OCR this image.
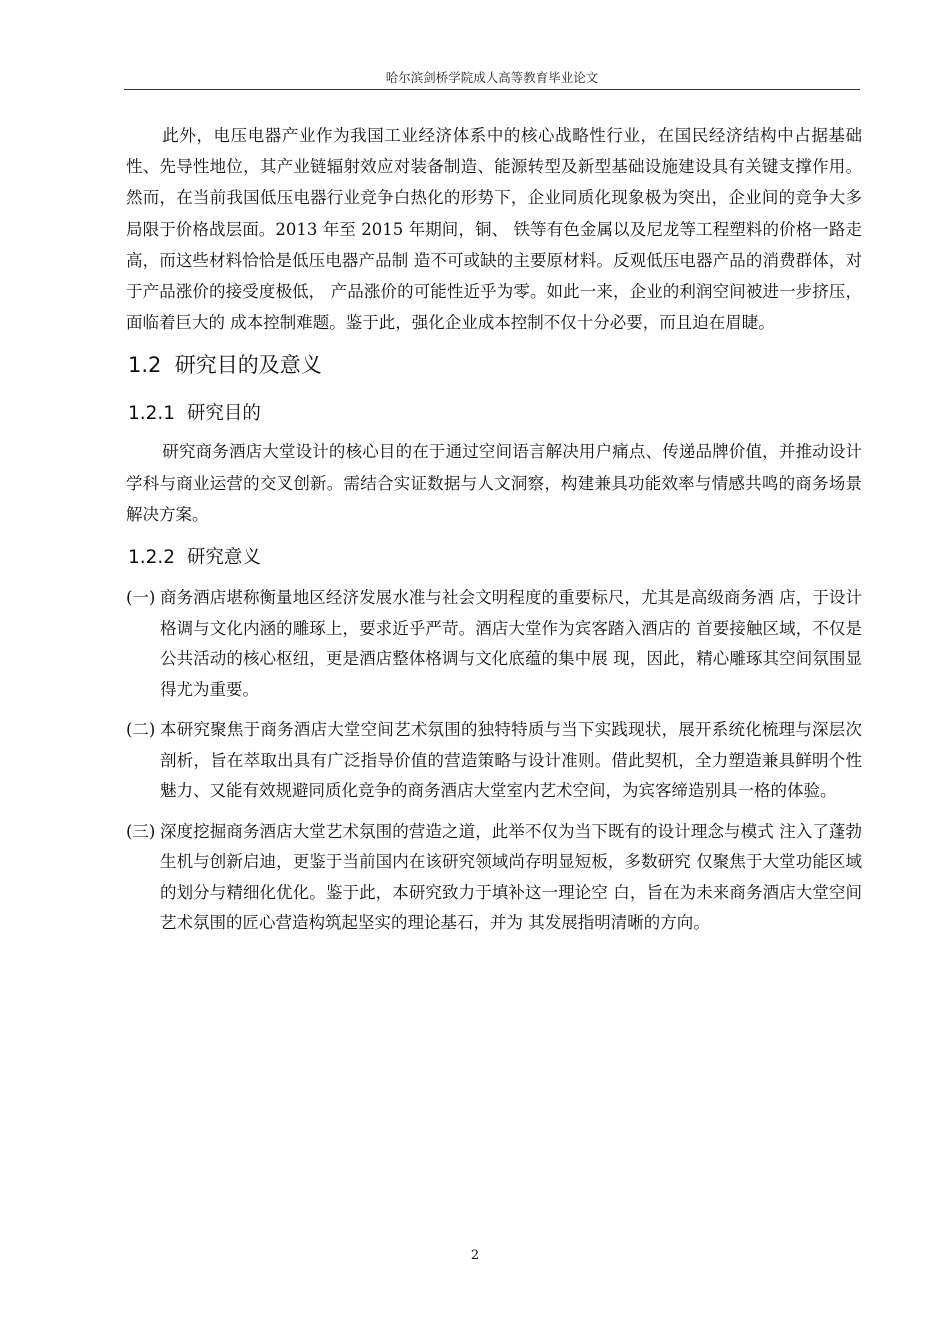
哈尔滨剑桥学院成人高等教育毕业论文

此外，电压电器产业作为我国工业经济体系中的核心战略性行业，在国民经济结构中占据基础性、先导性地位，其产业链辐射效应对装备制造、能源转型及新型基础设施建设具有关键支撑作用。然而，在当前我国低压电器行业竞争白热化的形势下，企业同质化现象极为突出，企业间的竞争大多局限于价格战层面。2013 年至 2015 年期间，铜、 铁等有色金属以及尼龙等工程塑料的价格一路走高，而这些材料恰恰是低压电器产品制 造不可或缺的主要原材料。反观低压电器产品的消费群体，对于产品涨价的接受度极低， 产品涨价的可能性近乎为零。如此一来，企业的利润空间被进一步挤压，面临着巨大的 成本控制难题。鉴于此，强化企业成本控制不仅十分必要，而且迫在眉睫。

1.2 研究目的及意义
1.2.1 研究目的

研究商务酒店大堂设计的核心目的在于通过空间语言解决用户痛点、传递品牌价值，并推动设计学科与商业运营的交叉创新。需结合实证数据与人文洞察，构建兼具功能效率与情感共鸣的商务场景解决方案。

1.2.2 研究意义
(一) 商务酒店堪称衡量地区经济发展水准与社会文明程度的重要标尺，尤其是高级商务酒 店，于设计格调与文化内涵的雕琢上，要求近乎严苛。酒店大堂作为宾客踏入酒店的 首要接触区域，不仅是公共活动的核心枢纽，更是酒店整体格调与文化底蕴的集中展 现，因此，精心雕琢其空间氛围显得尤为重要。
(二) 本研究聚焦于商务酒店大堂空间艺术氛围的独特特质与当下实践现状，展开系统化梳理与深层次剖析，旨在萃取出具有广泛指导价值的营造策略与设计准则。借此契机，全力塑造兼具鲜明个性魅力、又能有效规避同质化竞争的商务酒店大堂室内艺术空间，为宾客缔造别具一格的体验。
(三) 深度挖掘商务酒店大堂艺术氛围的营造之道，此举不仅为当下既有的设计理念与模式 注入了蓬勃生机与创新启迪，更鉴于当前国内在该研究领域尚存明显短板，多数研究 仅聚焦于大堂功能区域的划分与精细化优化。鉴于此，本研究致力于填补这一理论空 白，旨在为未来商务酒店大堂空间艺术氛围的匠心营造构筑起坚实的理论基石，并为 其发展指明清晰的方向。
2
